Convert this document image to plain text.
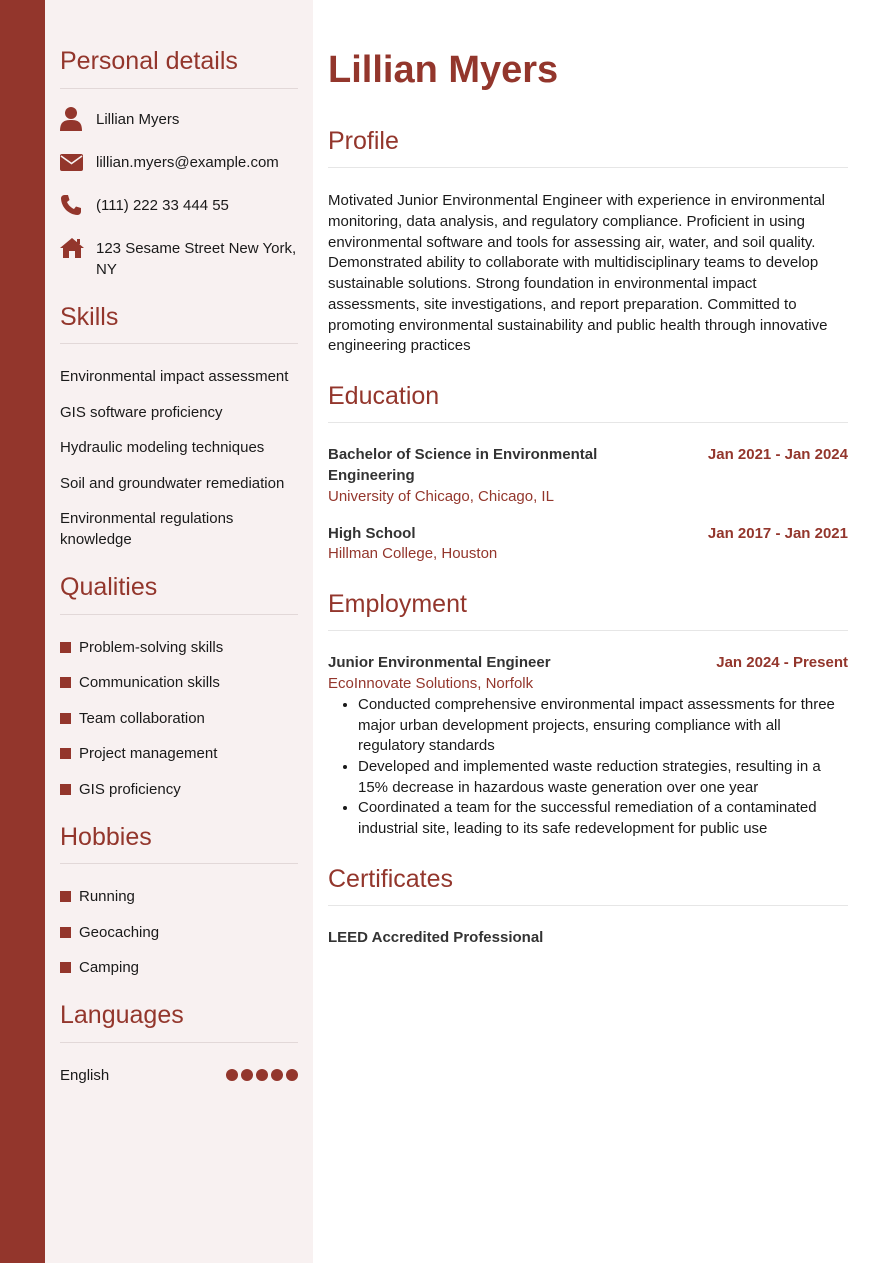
Personal details
Lillian Myers
lillian.myers@example.com
(111) 222 33 444 55
123 Sesame Street New York, NY
Skills
Environmental impact assessment
GIS software proficiency
Hydraulic modeling techniques
Soil and groundwater remediation
Environmental regulations knowledge
Qualities
Problem-solving skills
Communication skills
Team collaboration
Project management
GIS proficiency
Hobbies
Running
Geocaching
Camping
Languages
English
Lillian Myers
Profile

Motivated Junior Environmental Engineer with experience in environmental monitoring, data analysis, and regulatory compliance. Proficient in using environmental software and tools for assessing air, water, and soil quality. Demonstrated ability to collaborate with multidisciplinary teams to develop sustainable solutions. Strong foundation in environmental impact assessments, site investigations, and report preparation. Committed to promoting environmental sustainability and public health through innovative engineering practices

Education
Bachelor of Science in Environmental Engineering
Jan 2021 - Jan 2024
University of Chicago, Chicago, IL
High School	Jan 2017 - Jan 2021
Hillman College, Houston
Employment
Junior Environmental Engineer	Jan 2024 - Present
EcoInnovate Solutions, Norfolk
• Conducted comprehensive environmental impact assessments for three major urban development projects, ensuring compliance with all regulatory standards
• Developed and implemented waste reduction strategies, resulting in a 15% decrease in hazardous waste generation over one year
• Coordinated a team for the successful remediation of a contaminated industrial site, leading to its safe redevelopment for public use
Certificates
LEED Accredited Professional
